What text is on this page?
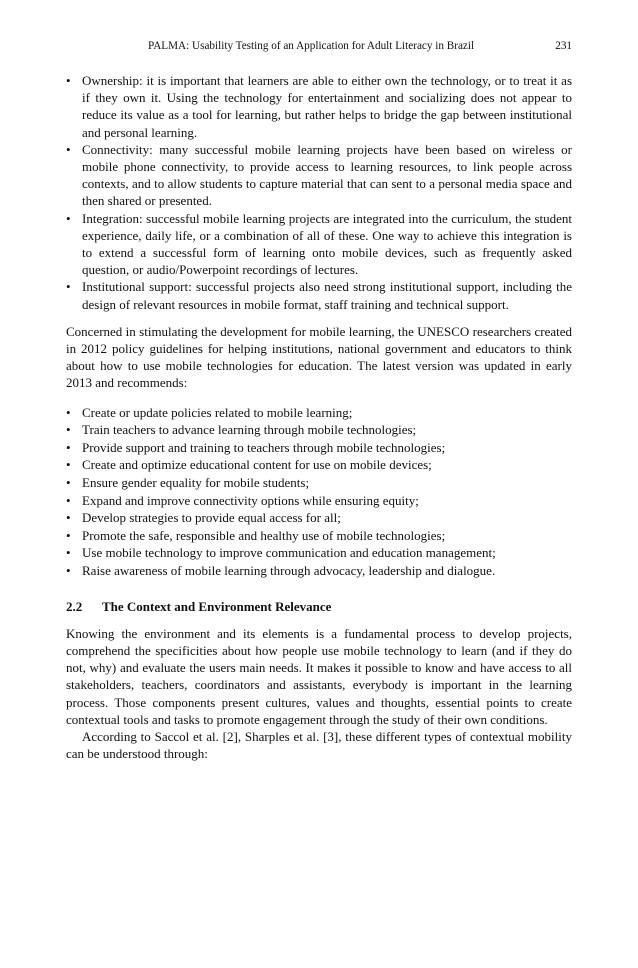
PALMA: Usability Testing of an Application for Adult Literacy in Brazil	231
• Ownership: it is important that learners are able to either own the technology, or to treat it as if they own it. Using the technology for entertainment and socializing does not appear to reduce its value as a tool for learning, but rather helps to bridge the gap between institutional and personal learning.
• Connectivity: many successful mobile learning projects have been based on wireless or mobile phone connectivity, to provide access to learning resources, to link people across contexts, and to allow students to capture material that can sent to a personal media space and then shared or presented.
• Integration: successful mobile learning projects are integrated into the curriculum, the student experience, daily life, or a combination of all of these. One way to achieve this integration is to extend a successful form of learning onto mobile devices, such as frequently asked question, or audio/Powerpoint recordings of lectures.
• Institutional support: successful projects also need strong institutional support, including the design of relevant resources in mobile format, staff training and technical support.

Concerned in stimulating the development for mobile learning, the UNESCO researchers created in 2012 policy guidelines for helping institutions, national government and educators to think about how to use mobile technologies for education. The latest version was updated in early 2013 and recommends:

• Create or update policies related to mobile learning;
• Train teachers to advance learning through mobile technologies;
• Provide support and training to teachers through mobile technologies;
• Create and optimize educational content for use on mobile devices;
• Ensure gender equality for mobile students;
• Expand and improve connectivity options while ensuring equity;
• Develop strategies to provide equal access for all;
• Promote the safe, responsible and healthy use of mobile technologies;
• Use mobile technology to improve communication and education management;
• Raise awareness of mobile learning through advocacy, leadership and dialogue.
2.2	The Context and Environment Relevance

Knowing the environment and its elements is a fundamental process to develop projects, comprehend the specificities about how people use mobile technology to learn (and if they do not, why) and evaluate the users main needs. It makes it possible to know and have access to all stakeholders, teachers, coordinators and assistants, everybody is important in the learning process. Those components present cultures, values and thoughts, essential points to create contextual tools and tasks to promote engagement through the study of their own conditions.

According to Saccol et al. [2], Sharples et al. [3], these different types of contextual mobility can be understood through:
